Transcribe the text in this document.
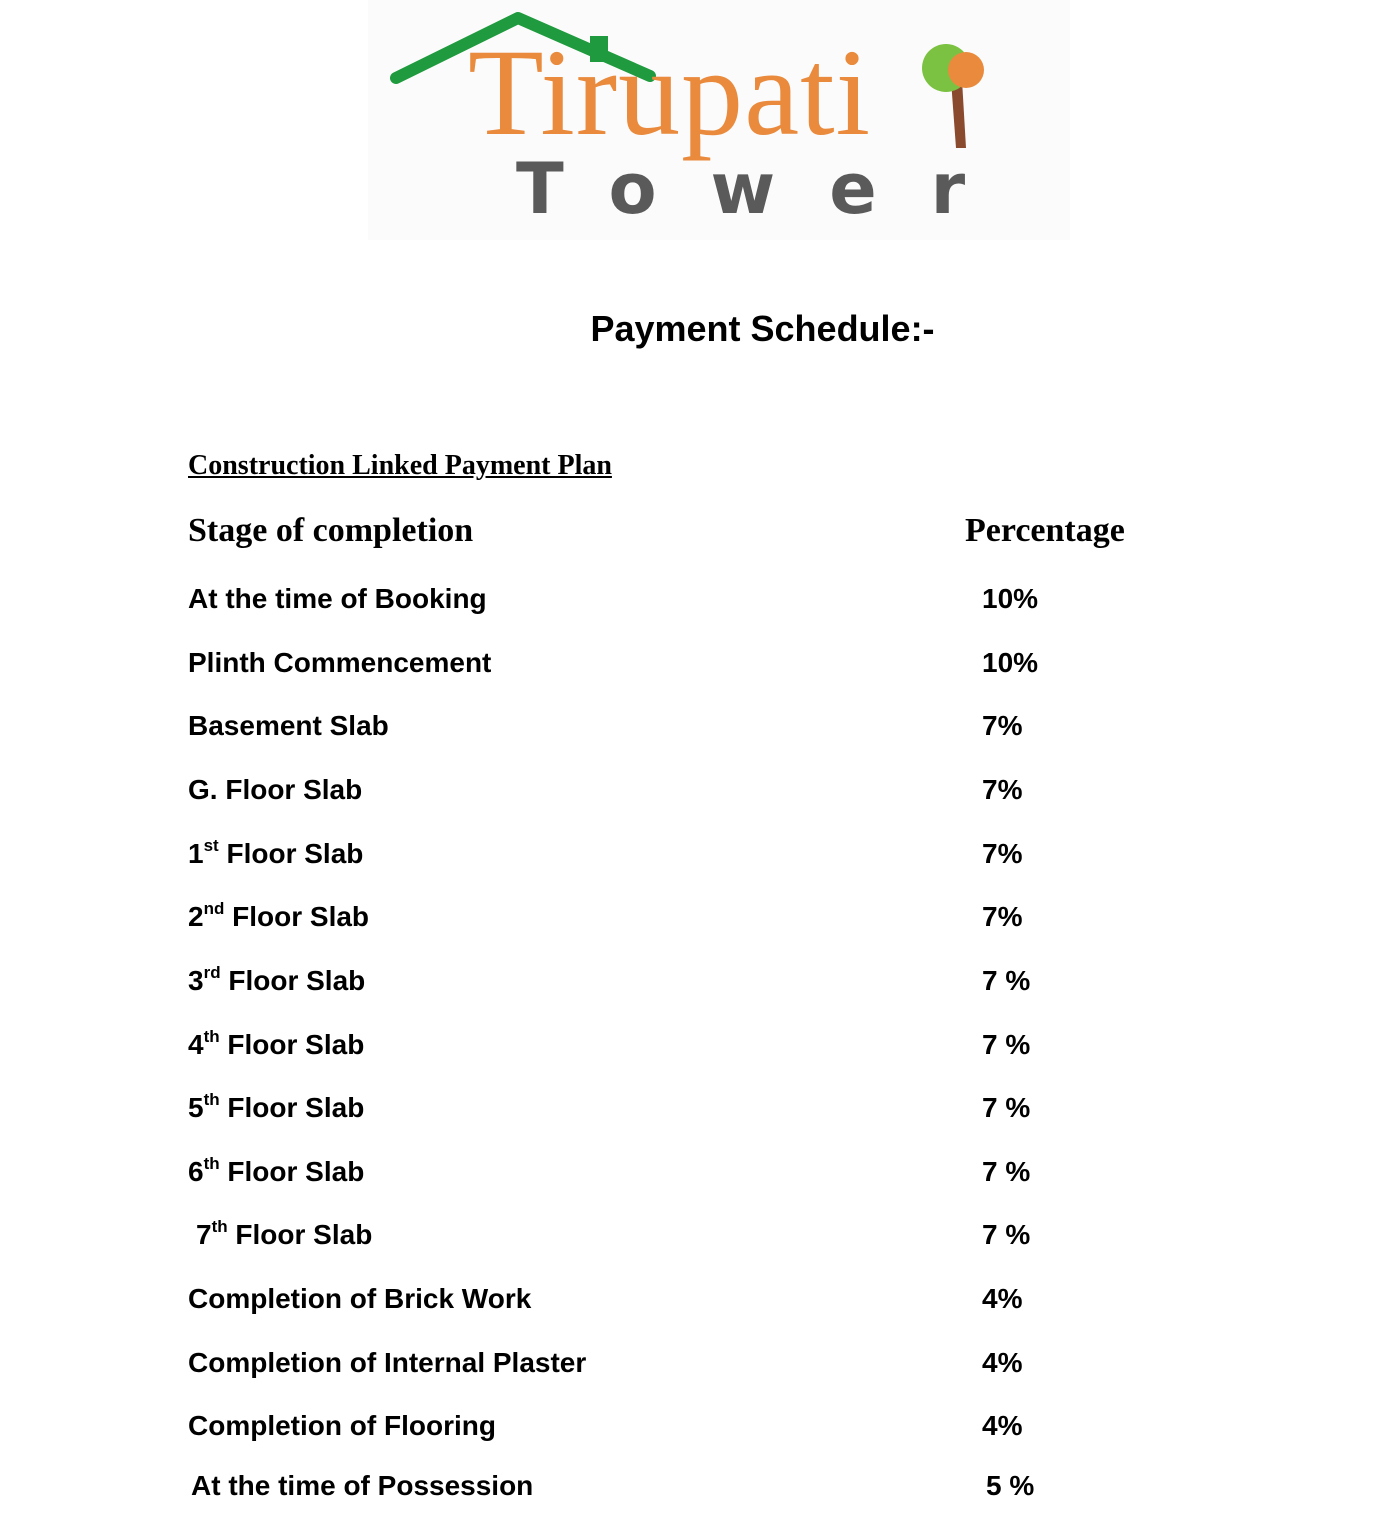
Tirupati
Tower
Payment Schedule:-
Construction Linked Payment Plan
Stage of completion	Percentage
At the time of Booking	10%
Plinth Commencement	10%
Basement Slab	7%
G. Floor Slab	7%
1st Floor Slab	7%
2nd Floor Slab	7%
3rd Floor Slab	7 %
4th Floor Slab	7 %
5th Floor Slab	7 %
6th Floor Slab	7 %
7th Floor Slab	7 %
Completion of Brick Work	4%
Completion of Internal Plaster	4%
Completion of Flooring	4%
At the time of Possession	5 %
